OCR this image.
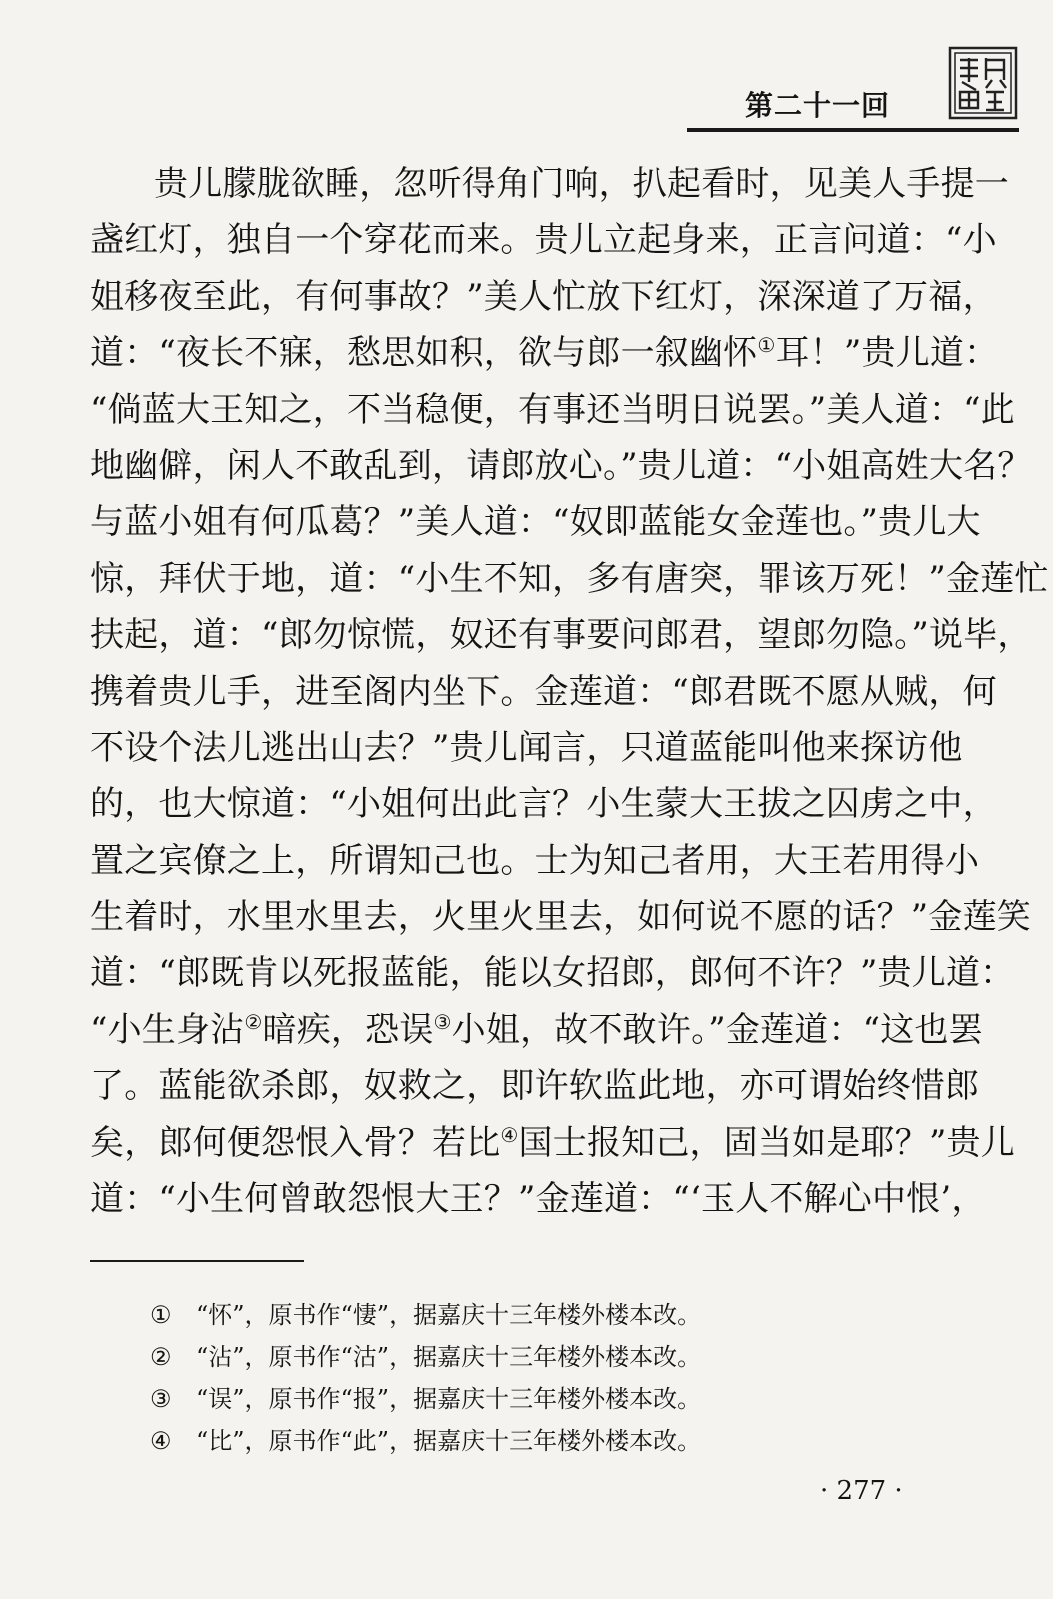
第二十一回
贵儿朦胧欲睡，忽听得角门响，扒起看时，见美人手提一
盏红灯，独自一个穿花而来。贵儿立起身来，正言问道：“小
姐移夜至此，有何事故？”美人忙放下红灯，深深道了万福，
道：“夜长不寐，愁思如积，欲与郎一叙幽怀①耳！”贵儿道：
“倘蓝大王知之，不当稳便，有事还当明日说罢。”美人道：“此
地幽僻，闲人不敢乱到，请郎放心。”贵儿道：“小姐高姓大名？
与蓝小姐有何瓜葛？”美人道：“奴即蓝能女金莲也。”贵儿大
惊，拜伏于地，道：“小生不知，多有唐突，罪该万死！”金莲忙
扶起，道：“郎勿惊慌，奴还有事要问郎君，望郎勿隐。”说毕，
携着贵儿手，进至阁内坐下。金莲道：“郎君既不愿从贼，何
不设个法儿逃出山去？”贵儿闻言，只道蓝能叫他来探访他
的，也大惊道：“小姐何出此言？小生蒙大王拔之囚虏之中，
置之宾僚之上，所谓知己也。士为知己者用，大王若用得小
生着时，水里水里去，火里火里去，如何说不愿的话？”金莲笑
道：“郎既肯以死报蓝能，能以女招郎，郎何不许？”贵儿道：
“小生身沾②暗疾，恐误③小姐，故不敢许。”金莲道：“这也罢
了。蓝能欲杀郎，奴救之，即许软监此地，亦可谓始终惜郎
矣，郎何便怨恨入骨？若比④国士报知己，固当如是耶？”贵儿
道：“小生何曾敢怨恨大王？”金莲道：“‘玉人不解心中恨’，
① “怀”，原书作“悽”，据嘉庆十三年楼外楼本改。
② “沾”，原书作“沽”，据嘉庆十三年楼外楼本改。
③ “误”，原书作“报”，据嘉庆十三年楼外楼本改。
④ “比”，原书作“此”，据嘉庆十三年楼外楼本改。
· 277 ·
